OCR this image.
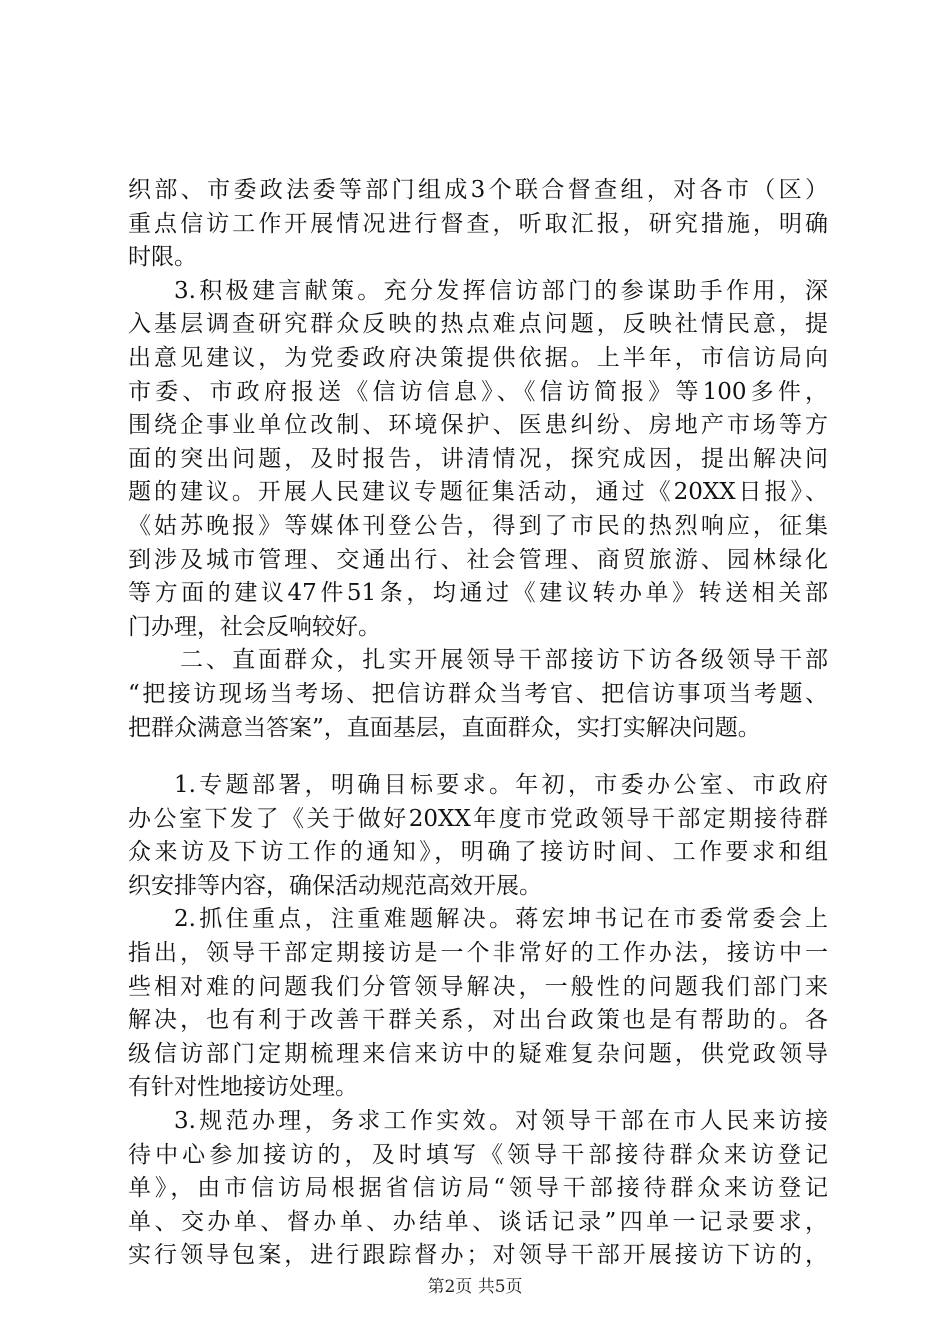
织部、市委政法委等部门组成3个联合督查组，对各市（区）
重点信访工作开展情况进行督查，听取汇报，研究措施，明确
时限。
3.积极建言献策。充分发挥信访部门的参谋助手作用，深
入基层调查研究群众反映的热点难点问题，反映社情民意，提
出意见建议，为党委政府决策提供依据。上半年，市信访局向
市委、市政府报送《信访信息》、《信访简报》等100多件，
围绕企事业单位改制、环境保护、医患纠纷、房地产市场等方
面的突出问题，及时报告，讲清情况，探究成因，提出解决问
题的建议。开展人民建议专题征集活动，通过《20XX日报》、
《姑苏晚报》等媒体刊登公告，得到了市民的热烈响应，征集
到涉及城市管理、交通出行、社会管理、商贸旅游、园林绿化
等方面的建议47件51条，均通过《建议转办单》转送相关部
门办理，社会反响较好。
二、直面群众，扎实开展领导干部接访下访各级领导干部
“把接访现场当考场、把信访群众当考官、把信访事项当考题、
把群众满意当答案”，直面基层，直面群众，实打实解决问题。
1.专题部署，明确目标要求。年初，市委办公室、市政府
办公室下发了《关于做好20XX年度市党政领导干部定期接待群
众来访及下访工作的通知》，明确了接访时间、工作要求和组
织安排等内容，确保活动规范高效开展。
2.抓住重点，注重难题解决。蒋宏坤书记在市委常委会上
指出，领导干部定期接访是一个非常好的工作办法，接访中一
些相对难的问题我们分管领导解决，一般性的问题我们部门来
解决，也有利于改善干群关系，对出台政策也是有帮助的。各
级信访部门定期梳理来信来访中的疑难复杂问题，供党政领导
有针对性地接访处理。
3.规范办理，务求工作实效。对领导干部在市人民来访接
待中心参加接访的，及时填写《领导干部接待群众来访登记
单》，由市信访局根据省信访局“领导干部接待群众来访登记
单、交办单、督办单、办结单、谈话记录”四单一记录要求，
实行领导包案，进行跟踪督办；对领导干部开展接访下访的，
第2页 共5页
